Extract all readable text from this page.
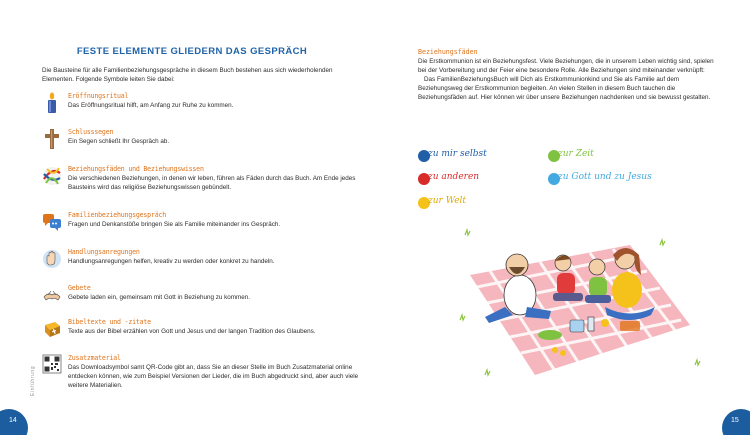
FESTE ELEMENTE GLIEDERN DAS GESPRÄCH
Die Bausteine für alle Familienbeziehungsgespräche in diesem Buch bestehen aus sich wiederholenden Elementen. Folgende Symbole leiten Sie dabei:
Eröffnungsritual
Das Eröffnungsritual hilft, am Anfang zur Ruhe zu kommen.
Schlusssegen
Ein Segen schließt Ihr Gespräch ab.
Beziehungsfäden und Beziehungswissen
Die verschiedenen Beziehungen, in denen wir leben, führen als Fäden durch das Buch. Am Ende jedes Bausteins wird das religiöse Beziehungswissen gebündelt.
Familienbeziehungsgespräch
Fragen und Denkanstöße bringen Sie als Familie miteinander ins Gespräch.
Handlungsanregungen
Handlungsanregungen helfen, kreativ zu werden oder konkret zu handeln.
Gebete
Gebete laden ein, gemeinsam mit Gott in Beziehung zu kommen.
Bibeltexte und -zitate
Texte aus der Bibel erzählen von Gott und Jesus und der langen Tradition des Glaubens.
Zusatzmaterial
Das Downloadsymbol samt QR-Code gibt an, dass Sie an dieser Stelle im Buch Zusatzmaterial online entdecken können, wie zum Beispiel Versionen der Lieder, die im Buch abgedruckt sind, aber auch viele weitere Materialien.
Einführung
14
Beziehungsfäden
Die Erstkommunion ist ein Beziehungsfest. Viele Beziehungen, die in unserem Leben wichtig sind, spielen bei der Vorbereitung und der Feier eine besondere Rolle. Alle Beziehungen sind miteinander verknüpft:
Das FamilienBeziehungsBuch will Dich als Erstkommunionkind und Sie als Familie auf dem Beziehungsweg der Erstkommunion begleiten. An vielen Stellen in diesem Buch tauchen die Beziehungsfäden auf. Hier können wir über unsere Beziehungen nachdenken und sie bewusst gestalten.
zu mir selbst	zur Zeit
zu anderen	zu Gott und zu Jesus
zur Welt
15
